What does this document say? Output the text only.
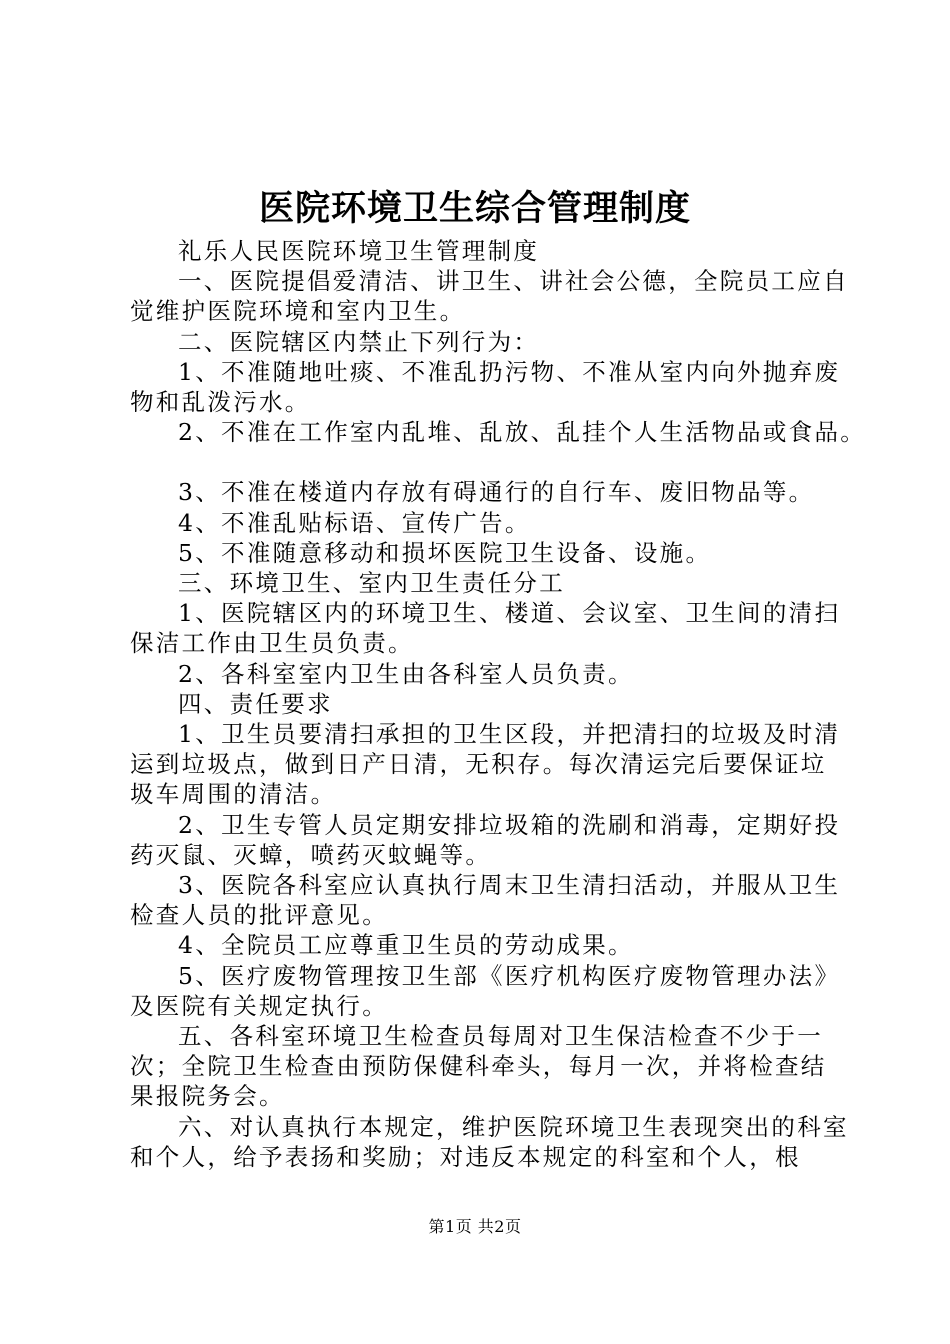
医院环境卫生综合管理制度

礼乐人民医院环境卫生管理制度

一、医院提倡爱清洁、讲卫生、讲社会公德，全院员工应自觉维护医院环境和室内卫生。

二、医院辖区内禁止下列行为：

1、不准随地吐痰、不准乱扔污物、不准从室内向外抛弃废物和乱泼污水。

2、不准在工作室内乱堆、乱放、乱挂个人生活物品或食品。

3、不准在楼道内存放有碍通行的自行车、废旧物品等。

4、不准乱贴标语、宣传广告。

5、不准随意移动和损坏医院卫生设备、设施。

三、环境卫生、室内卫生责任分工

1、医院辖区内的环境卫生、楼道、会议室、卫生间的清扫保洁工作由卫生员负责。

2、各科室室内卫生由各科室人员负责。

四、责任要求

1、卫生员要清扫承担的卫生区段，并把清扫的垃圾及时清运到垃圾点，做到日产日清，无积存。每次清运完后要保证垃圾车周围的清洁。

2、卫生专管人员定期安排垃圾箱的洗刷和消毒，定期好投药灭鼠、灭蟑，喷药灭蚊蝇等。

3、医院各科室应认真执行周末卫生清扫活动，并服从卫生检查人员的批评意见。

4、全院员工应尊重卫生员的劳动成果。

5、医疗废物管理按卫生部《医疗机构医疗废物管理办法》及医院有关规定执行。

五、各科室环境卫生检查员每周对卫生保洁检查不少于一次；全院卫生检查由预防保健科牵头，每月一次，并将检查结果报院务会。

六、对认真执行本规定，维护医院环境卫生表现突出的科室和个人，给予表扬和奖励；对违反本规定的科室和个人，根

第1页 共2页
